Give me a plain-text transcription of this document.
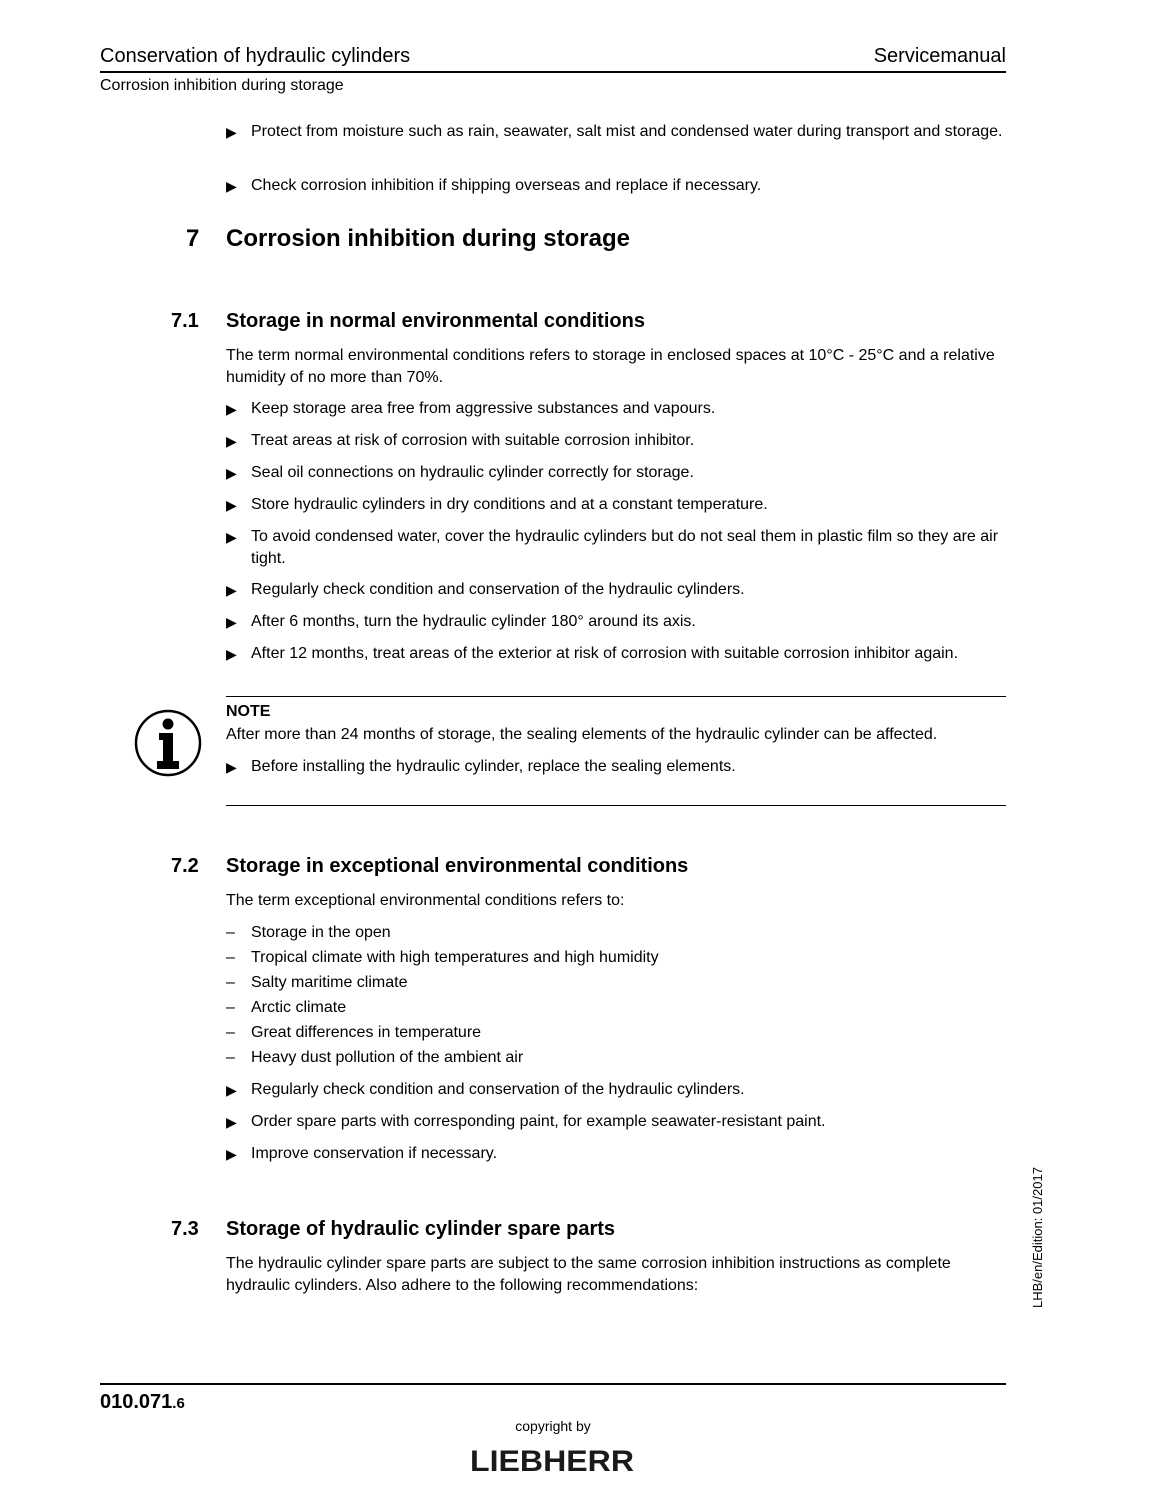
Conservation of hydraulic cylinders	Servicemanual
Corrosion inhibition during storage
▶ Protect from moisture such as rain, seawater, salt mist and condensed water during transport and storage.
▶ Check corrosion inhibition if shipping overseas and replace if necessary.
7 Corrosion inhibition during storage
7.1 Storage in normal environmental conditions
The term normal environmental conditions refers to storage in enclosed spaces at 10°C - 25°C and a relative humidity of no more than 70%.
▶ Keep storage area free from aggressive substances and vapours.
▶ Treat areas at risk of corrosion with suitable corrosion inhibitor.
▶ Seal oil connections on hydraulic cylinder correctly for storage.
▶ Store hydraulic cylinders in dry conditions and at a constant temperature.
▶ To avoid condensed water, cover the hydraulic cylinders but do not seal them in plastic film so they are air tight.
▶ Regularly check condition and conservation of the hydraulic cylinders.
▶ After 6 months, turn the hydraulic cylinder 180° around its axis.
▶ After 12 months, treat areas of the exterior at risk of corrosion with suitable corrosion inhibitor again.
NOTE
After more than 24 months of storage, the sealing elements of the hydraulic cylinder can be affected.
▶ Before installing the hydraulic cylinder, replace the sealing elements.
7.2 Storage in exceptional environmental conditions
The term exceptional environmental conditions refers to:
–	Storage in the open
–	Tropical climate with high temperatures and high humidity
–	Salty maritime climate
–	Arctic climate
–	Great differences in temperature
–	Heavy dust pollution of the ambient air
▶ Regularly check condition and conservation of the hydraulic cylinders.
▶ Order spare parts with corresponding paint, for example seawater-resistant paint.
▶ Improve conservation if necessary.
7.3 Storage of hydraulic cylinder spare parts
The hydraulic cylinder spare parts are subject to the same corrosion inhibition instructions as complete hydraulic cylinders. Also adhere to the following recommendations:	LHB/en/Edition: 01/2017
010.071.6
copyright by
LIEBHERR
